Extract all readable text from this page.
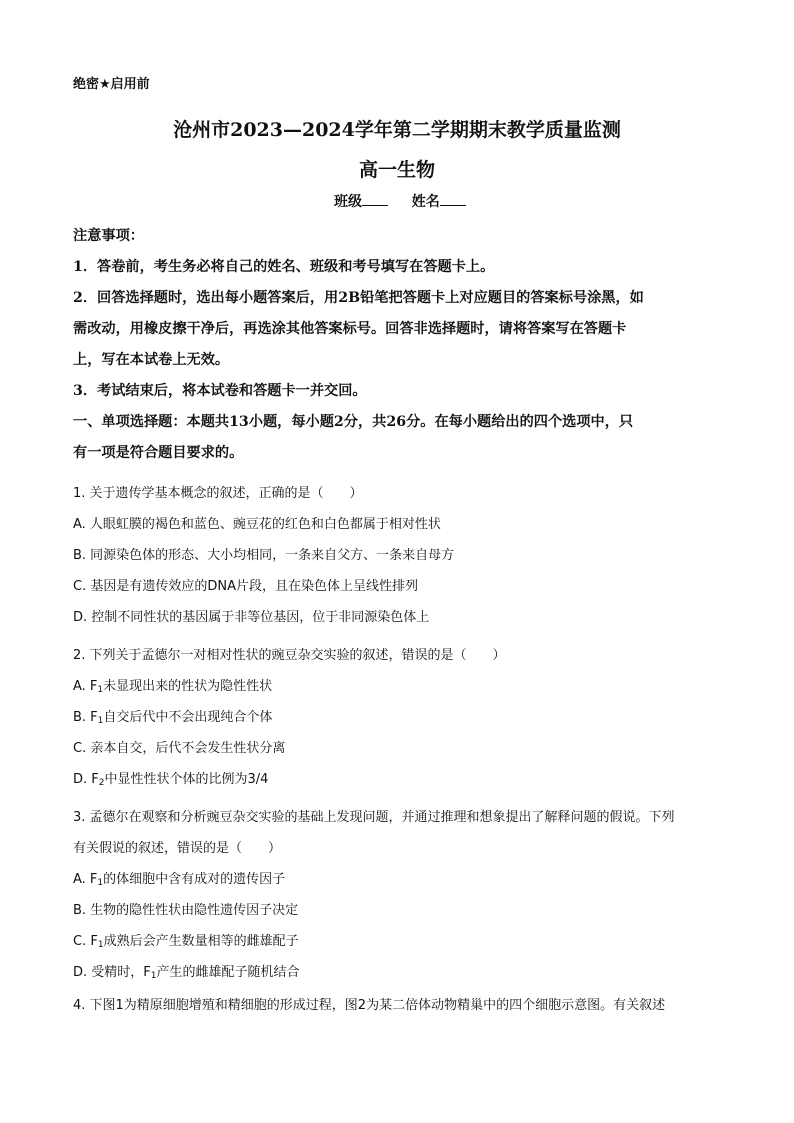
绝密★启用前
沧州市2023—2024学年第二学期期末教学质量监测
高一生物
班级	姓名
注意事项：
1．答卷前，考生务必将自己的姓名、班级和考号填写在答题卡上。
2．回答选择题时，选出每小题答案后，用2B铅笔把答题卡上对应题目的答案标号涂黑，如
需改动，用橡皮擦干净后，再选涂其他答案标号。回答非选择题时，请将答案写在答题卡
上，写在本试卷上无效。
3．考试结束后，将本试卷和答题卡一并交回。
一、单项选择题：本题共13小题，每小题2分，共26分。在每小题给出的四个选项中，只
有一项是符合题目要求的。
1. 关于遗传学基本概念的叙述，正确的是（　　）
A. 人眼虹膜的褐色和蓝色、豌豆花的红色和白色都属于相对性状
B. 同源染色体的形态、大小均相同，一条来自父方、一条来自母方
C. 基因是有遗传效应的DNA片段，且在染色体上呈线性排列
D. 控制不同性状的基因属于非等位基因，位于非同源染色体上
2. 下列关于孟德尔一对相对性状的豌豆杂交实验的叙述，错误的是（　　）
A. $F_1$未显现出来的性状为隐性性状
B. $F_1$自交后代中不会出现纯合个体
C. 亲本自交，后代不会发生性状分离
D. $F_2$中显性性状个体的比例为3/4
3. 孟德尔在观察和分析豌豆杂交实验的基础上发现问题，并通过推理和想象提出了解释问题的假说。下列
有关假说的叙述，错误的是（　　）
A. $F_1$的体细胞中含有成对的遗传因子
B. 生物的隐性性状由隐性遗传因子决定
C. $F_1$成熟后会产生数量相等的雌雄配子
D. 受精时，$F_1$产生的雌雄配子随机结合
4. 下图1为精原细胞增殖和精细胞的形成过程，图2为某二倍体动物精巢中的四个细胞示意图。有关叙述
